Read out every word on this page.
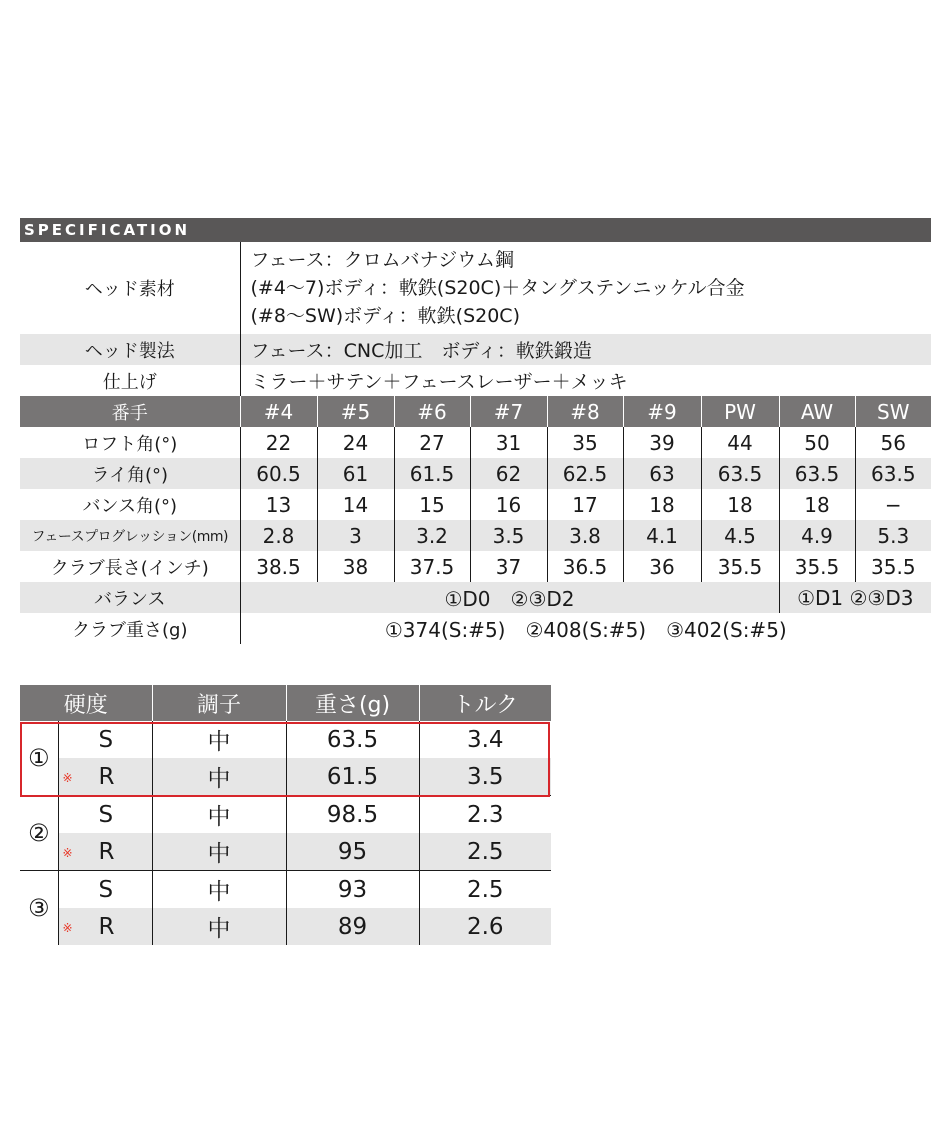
SPECIFICATION
ヘッド素材	フェース：クロムバナジウム鋼
(#4〜7)ボディ：軟鉄(S20C)＋タングステンニッケル合金
(#8〜SW)ボディ：軟鉄(S20C)								

ヘッド製法	フェース：CNC加工　ボディ：軟鉄鍛造								
仕上げ	ミラー＋サテン＋フェースレーザー＋メッキ								
番手	#4	#5	#6	#7	#8	#9	PW	AW	SW
ロフト角(°)	22	24	27	31	35	39	44	50	56
ライ角(°)	60.5	61	61.5	62	62.5	63	63.5	63.5	63.5
バンス角(°)	13	14	15	16	17	18	18	18	−
フェースプログレッション(mm)	2.8	3	3.2	3.5	3.8	4.1	4.5	4.9	5.3
クラブ長さ(インチ)	38.5	38	37.5	37	36.5	36	35.5	35.5	35.5
バランス	①D0　②③D2							①D1 ②③D3	
クラブ重さ(g)	①374(S:#5)　②408(S:#5)　③402(S:#5)								
硬度		調子	重さ(g)	トルク
①	S	中	63.5	3.4

	※ R	中	61.5	3.5
②	S	中	98.5	2.3

	※ R	中	95	2.5
③	S	中	93	2.5

	※ R	中	89	2.6
